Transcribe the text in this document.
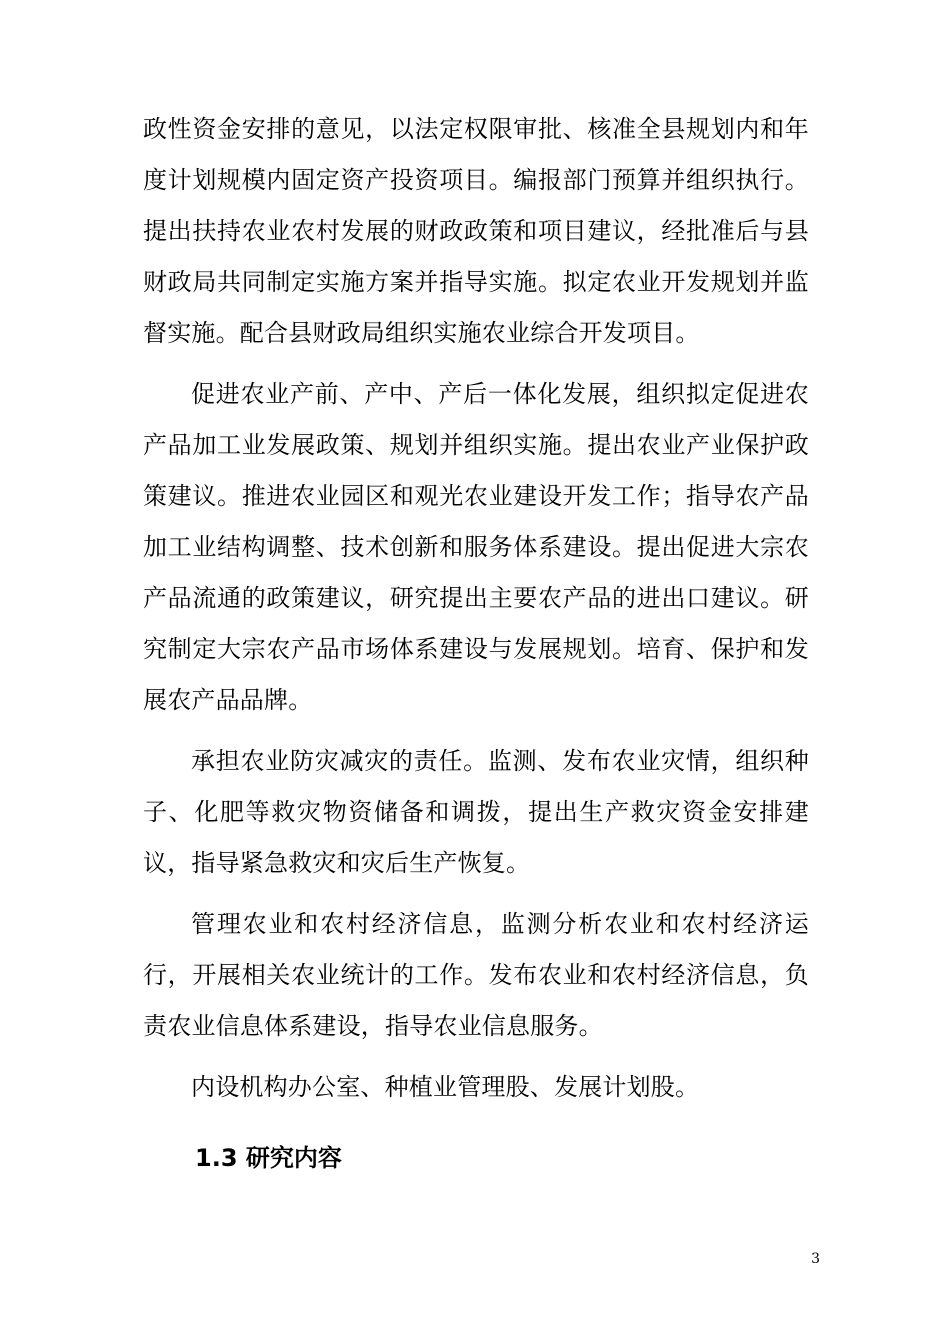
政性资金安排的意见，以法定权限审批、核准全县规划内和年度计划规模内固定资产投资项目。编报部门预算并组织执行。提出扶持农业农村发展的财政政策和项目建议，经批准后与县财政局共同制定实施方案并指导实施。拟定农业开发规划并监督实施。配合县财政局组织实施农业综合开发项目。

促进农业产前、产中、产后一体化发展，组织拟定促进农产品加工业发展政策、规划并组织实施。提出农业产业保护政策建议。推进农业园区和观光农业建设开发工作；指导农产品加工业结构调整、技术创新和服务体系建设。提出促进大宗农产品流通的政策建议，研究提出主要农产品的进出口建议。研究制定大宗农产品市场体系建设与发展规划。培育、保护和发展农产品品牌。

承担农业防灾减灾的责任。监测、发布农业灾情，组织种子、化肥等救灾物资储备和调拨，提出生产救灾资金安排建议，指导紧急救灾和灾后生产恢复。

管理农业和农村经济信息，监测分析农业和农村经济运行，开展相关农业统计的工作。发布农业和农村经济信息，负责农业信息体系建设，指导农业信息服务。

内设机构办公室、种植业管理股、发展计划股。

1.3 研究内容
3
